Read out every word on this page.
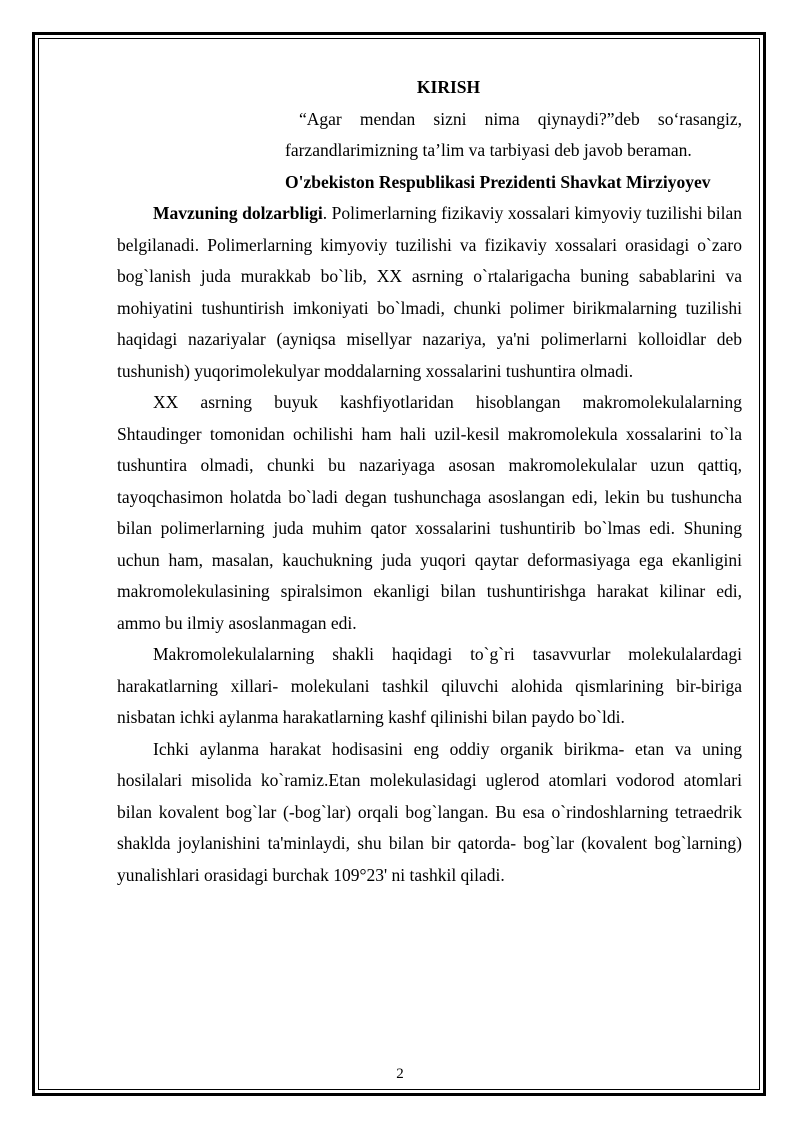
KIRISH

“Agar mendan sizni nima qiynaydi?”deb so‘rasangiz, farzandlarimizning ta’lim va tarbiyasi deb javob beraman.

O'zbekiston Respublikasi Prezidenti Shavkat Mirziyoyev

Mavzuning dolzarbligi. Polimerlarning fizikaviy xossalari kimyoviy tuzilishi bilan belgilanadi. Polimerlarning kimyoviy tuzilishi va fizikaviy xossalari orasidagi o`zaro bog`lanish juda murakkab bo`lib, XX asrning o`rtalarigacha buning sabablarini va mohiyatini tushuntirish imkoniyati bo`lmadi, chunki polimer birikmalarning tuzilishi haqidagi nazariyalar (ayniqsa misellyar nazariya, ya'ni polimerlarni kolloidlar deb tushunish) yuqorimolekulyar moddalarning xossalarini tushuntira olmadi.

XX asrning buyuk kashfiyotlaridan hisoblangan makromolekulalarning Shtaudinger tomonidan ochilishi ham hali uzil-kesil makromolekula xossalarini to`la tushuntira olmadi, chunki bu nazariyaga asosan makromolekulalar uzun qattiq, tayoqchasimon holatda bo`ladi degan tushunchaga asoslangan edi, lekin bu tushuncha bilan polimerlarning juda muhim qator xossalarini tushuntirib bo`lmas edi. Shuning uchun ham, masalan, kauchukning juda yuqori qaytar deformasiyaga ega ekanligini makromolekulasining spiralsimon ekanligi bilan tushuntirishga harakat kilinar edi, ammo bu ilmiy asoslanmagan edi.

Makromolekulalarning shakli haqidagi to`g`ri tasavvurlar molekulalardagi harakatlarning xillari- molekulani tashkil qiluvchi alohida qismlarining bir-biriga nisbatan ichki aylanma harakatlarning kashf qilinishi bilan paydo bo`ldi.

Ichki aylanma harakat hodisasini eng oddiy organik birikma- etan va uning hosilalari misolida ko`ramiz.Etan molekulasidagi uglerod atomlari vodorod atomlari bilan kovalent bog`lar (-bog`lar) orqali bog`langan. Bu esa o`rindoshlarning tetraedrik shaklda joylanishini ta'minlaydi, shu bilan bir qatorda- bog`lar (kovalent bog`larning) yunalishlari orasidagi burchak 109°23' ni tashkil qiladi.

2
